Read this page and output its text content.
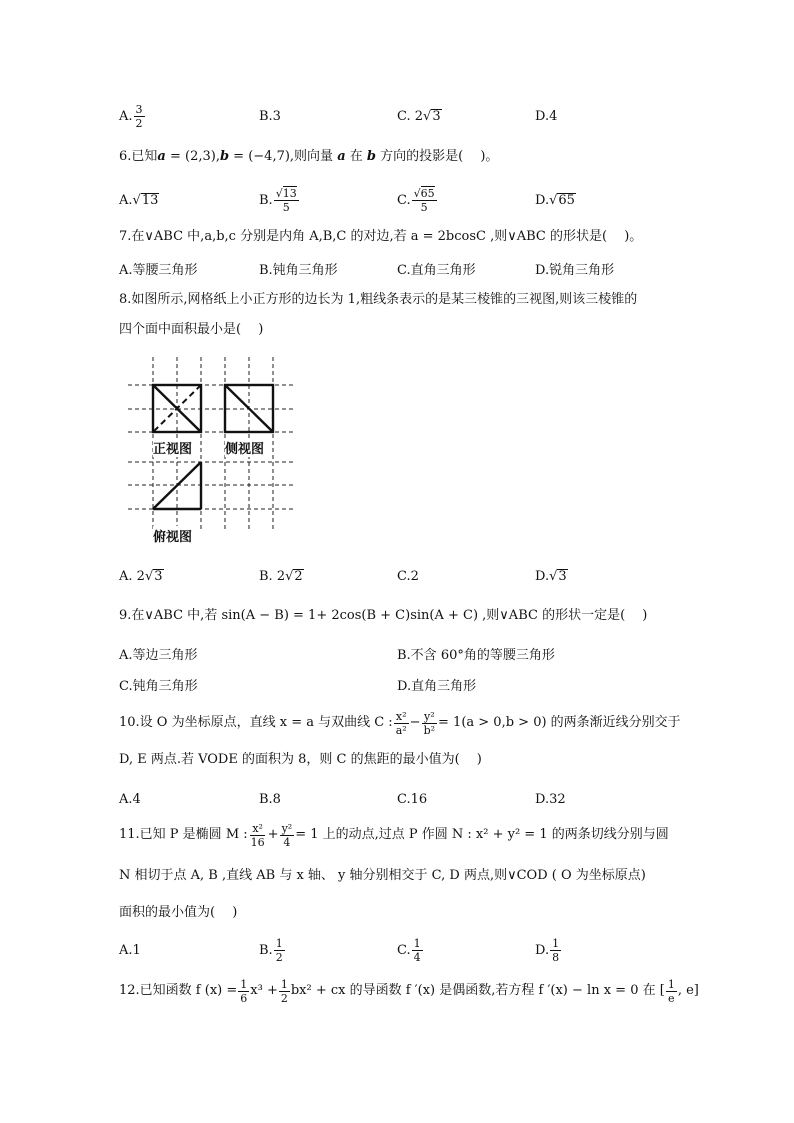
A. $\frac{3}{2}$	B.3	C. 2 √ 3	D.4
6.已知a = (2,3),b = (−4,7),则向量 a 在 b 方向的投影是(　 )。
A. √ 13	B. $\frac{√13}{5}$	C. $\frac{√65}{5}$	D. √ 65
7.在∨ABC 中,a,b,c 分别是内角 A,B,C 的对边,若 a = 2bcosC ,则∨ABC 的形状是(　 )。
A.等腰三角形	B.钝角三角形	C.直角三角形	D.锐角三角形
8.如图所示,网格纸上小正方形的边长为 1,粗线条表示的是某三棱锥的三视图,则该三棱锥的
四个面中面积最小是(　 )
正视图	侧视图
俯视图
A. 2 √ 3	B. 2 √ 2	C.2	D. √ 3
9.在∨ABC 中,若 sin(A − B) = 1+ 2cos(B + C)sin(A + C) ,则∨ABC 的形状一定是(　 )
A.等边三角形	B.不含 60°角的等腰三角形
C.钝角三角形	D.直角三角形
10.设 O 为坐标原点，直线 x = a 与双曲线 C : $\frac{\text{x²}}{\text{a²}} - \frac{\text{y²}}{\text{b²}} = 1(a > 0,b > 0)$ 的两条渐近线分别交于
D, E 两点.若 VODE 的面积为 8，则 C 的焦距的最小值为(　 )
A.4	B.8	C.16	D.32
11.已知 P 是椭圆 M : $\frac{\text{x²}}{16} + \frac{\text{y²}}{4} = 1$ 上的动点,过点 P 作圆 N : x² + y² = 1 的两条切线分别与圆
N 相切于点 A, B ,直线 AB 与 x 轴、 y 轴分别相交于 C, D 两点,则∨COD ( O 为坐标原点)
面积的最小值为(　 )
A.1	B. $\frac{1}{2}$	C. $\frac{1}{4}$	D. $\frac{1}{8}$
12.已知函数 f $(x) = \frac{1}{6} x^3 + \frac{1}{2} bx^2$ + cx 的导函数 f ′(x) 是偶函数,若方程 f ′(x) − ln x = 0 在 [ $\frac{1}{e}$ , e]
